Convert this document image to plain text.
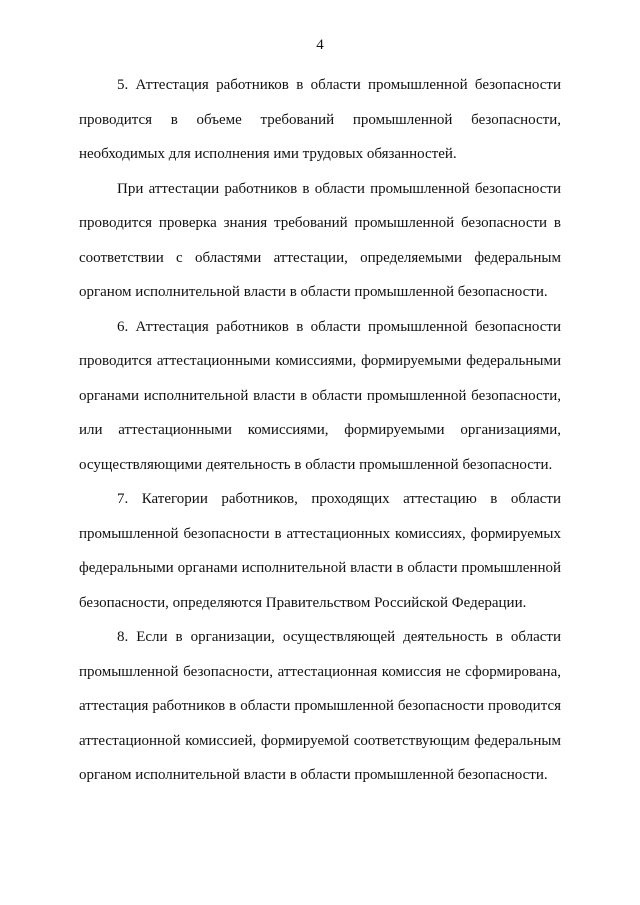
4

5. Аттестация работников в области промышленной безопасности проводится в объеме требований промышленной безопасности, необходимых для исполнения ими трудовых обязанностей.

При аттестации работников в области промышленной безопасности проводится проверка знания требований промышленной безопасности в соответствии с областями аттестации, определяемыми федеральным органом исполнительной власти в области промышленной безопасности.

6. Аттестация работников в области промышленной безопасности проводится аттестационными комиссиями, формируемыми федеральными органами исполнительной власти в области промышленной безопасности, или аттестационными комиссиями, формируемыми организациями, осуществляющими деятельность в области промышленной безопасности.

7. Категории работников, проходящих аттестацию в области промышленной безопасности в аттестационных комиссиях, формируемых федеральными органами исполнительной власти в области промышленной безопасности, определяются Правительством Российской Федерации.

8. Если в организации, осуществляющей деятельность в области промышленной безопасности, аттестационная комиссия не сформирована, аттестация работников в области промышленной безопасности проводится аттестационной комиссией, формируемой соответствующим федеральным органом исполнительной власти в области промышленной безопасности.
